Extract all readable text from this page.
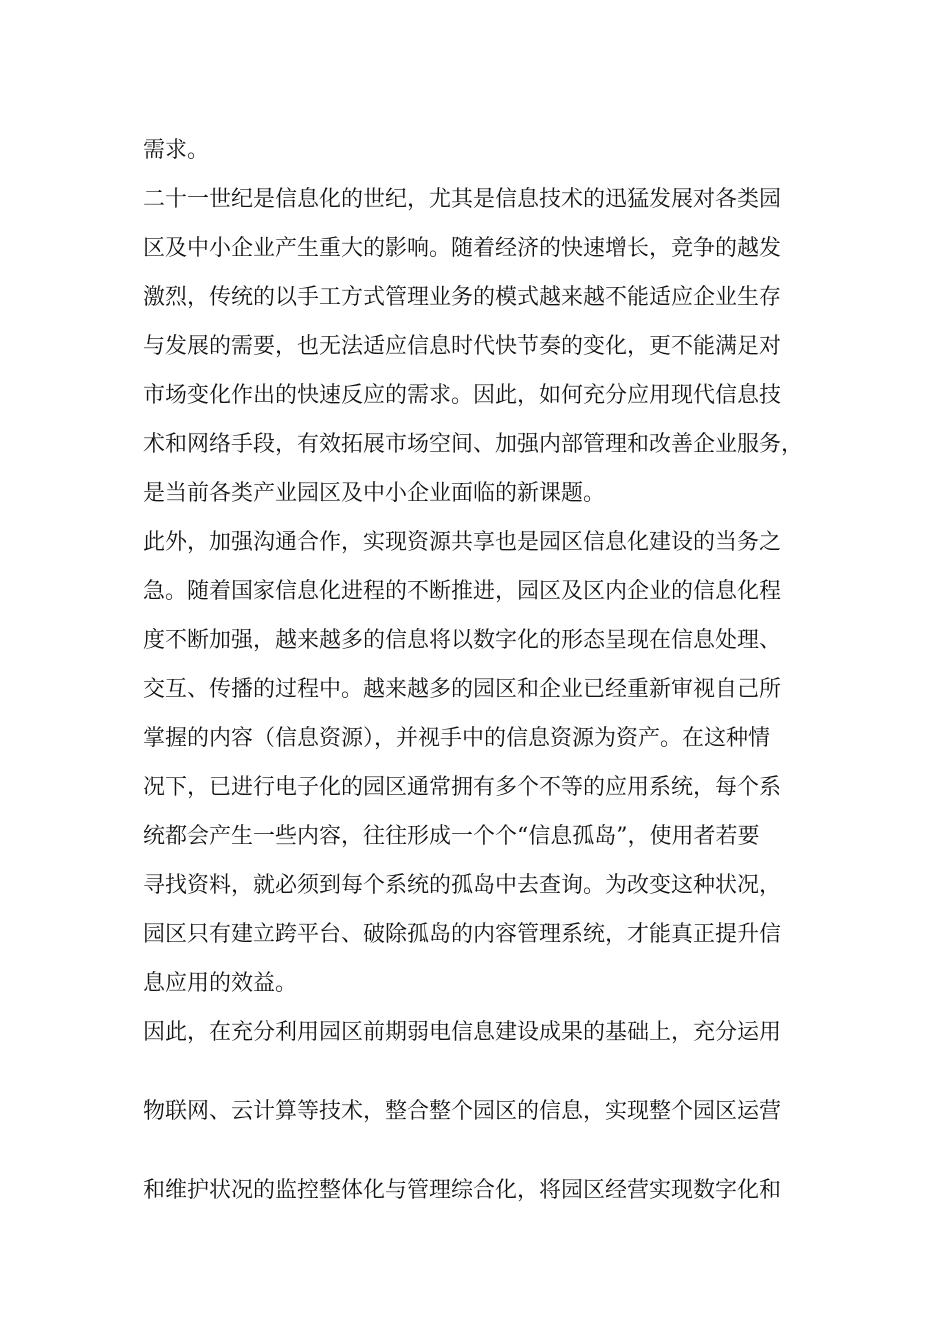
需求。

二十一世纪是信息化的世纪，尤其是信息技术的迅猛发展对各类园

区及中小企业产生重大的影响。随着经济的快速增长，竞争的越发

激烈，传统的以手工方式管理业务的模式越来越不能适应企业生存

与发展的需要，也无法适应信息时代快节奏的变化，更不能满足对

市场变化作出的快速反应的需求。因此，如何充分应用现代信息技

术和网络手段，有效拓展市场空间、加强内部管理和改善企业服务，

是当前各类产业园区及中小企业面临的新课题。

此外，加强沟通合作，实现资源共享也是园区信息化建设的当务之

急。随着国家信息化进程的不断推进，园区及区内企业的信息化程

度不断加强，越来越多的信息将以数字化的形态呈现在信息处理、

交互、传播的过程中。越来越多的园区和企业已经重新审视自己所

掌握的内容（信息资源），并视手中的信息资源为资产。在这种情

况下，已进行电子化的园区通常拥有多个不等的应用系统，每个系

统都会产生一些内容，往往形成一个个“信息孤岛”，使用者若要

寻找资料，就必须到每个系统的孤岛中去查询。为改变这种状况，

园区只有建立跨平台、破除孤岛的内容管理系统，才能真正提升信

息应用的效益。

因此，在充分利用园区前期弱电信息建设成果的基础上，充分运用

物联网、云计算等技术，整合整个园区的信息，实现整个园区运营

和维护状况的监控整体化与管理综合化，将园区经营实现数字化和
